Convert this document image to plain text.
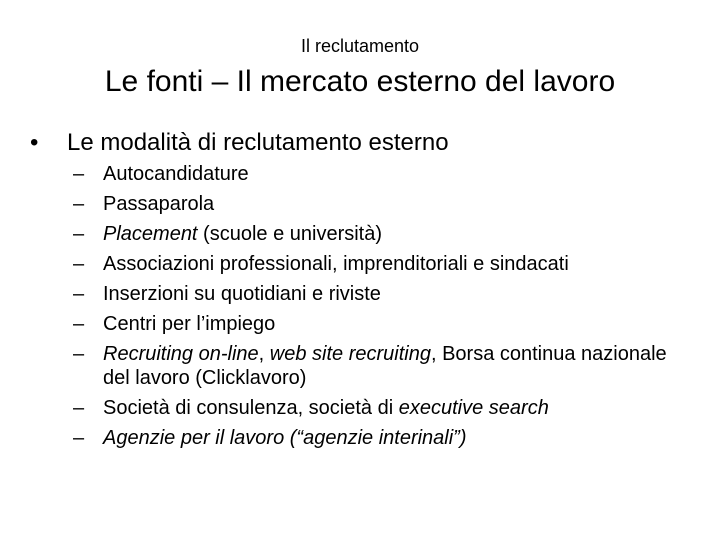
Il reclutamento
Le fonti – Il mercato esterno del lavoro
•	Le modalità di reclutamento esterno
– Autocandidature
– Passaparola
– Placement (scuole e università)
– Associazioni professionali, imprenditoriali e sindacati
– Inserzioni su quotidiani e riviste
– Centri per l’impiego
– Recruiting on-line, web site recruiting, Borsa continua nazionale del lavoro (Clicklavoro)
– Società di consulenza, società di executive search
– Agenzie per il lavoro (“agenzie interinali”)
